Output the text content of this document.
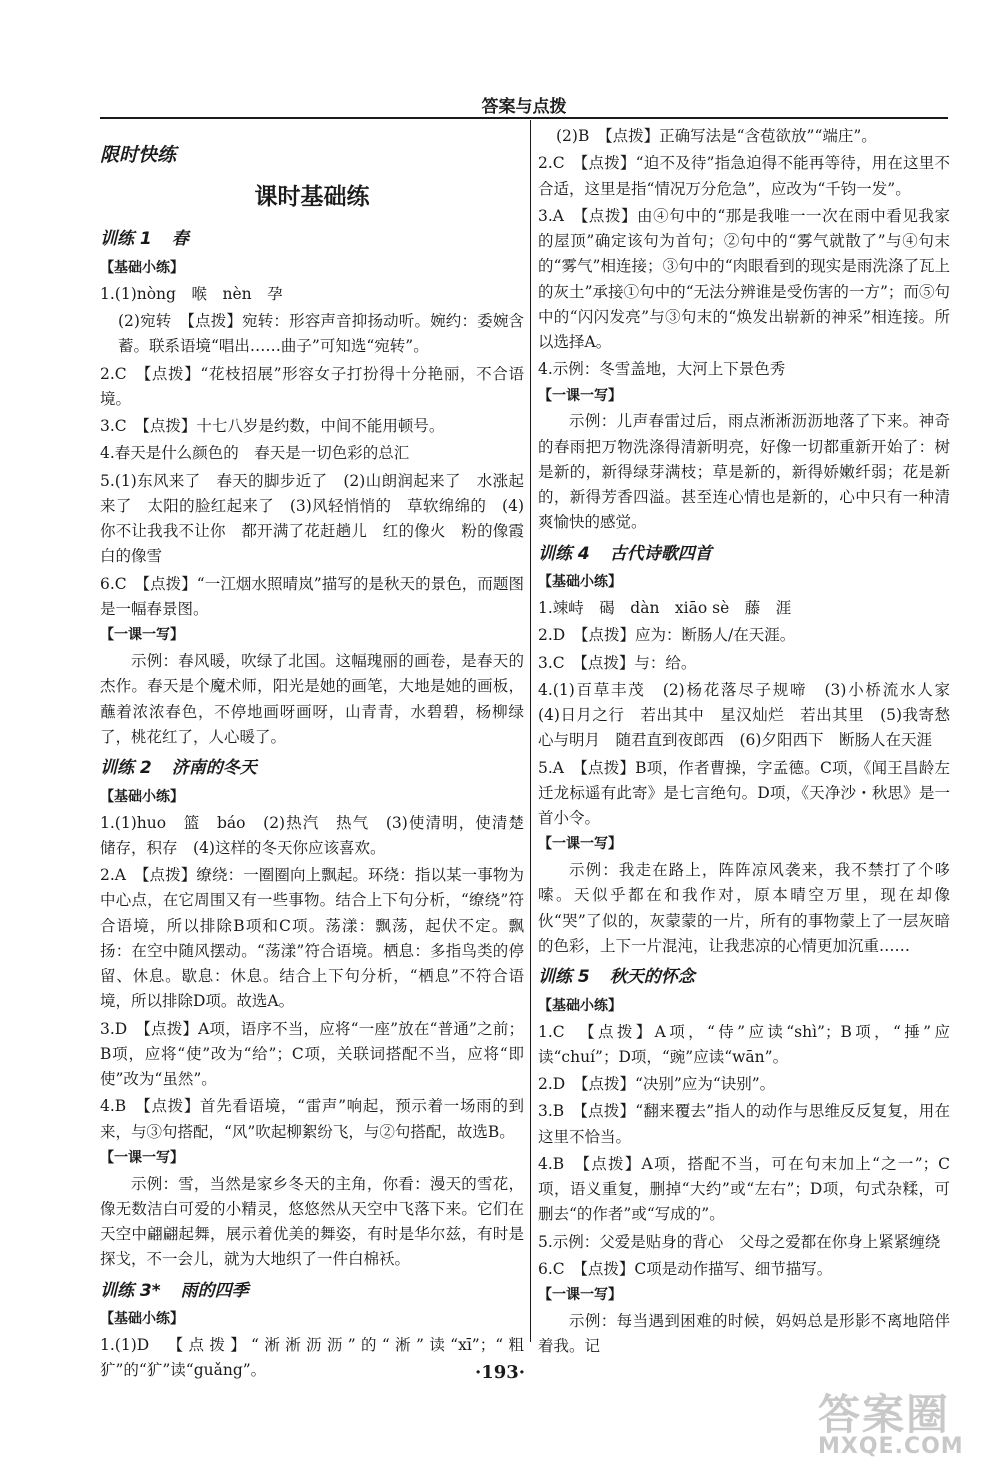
答案与点拨
限时快练
课时基础练
训练 1 春
【基础小练】
1.(1)nòng　喉　nèn　孕
(2)宛转　【点拨】宛转：形容声音抑扬动听。婉约：委婉含蓄。联系语境“唱出……曲子”可知选“宛转”。
2.C　【点拨】“花枝招展”形容女子打扮得十分艳丽，不合语境。
3.C　【点拨】十七八岁是约数，中间不能用顿号。
4.春天是什么颜色的　春天是一切色彩的总汇
5.(1)东风来了　春天的脚步近了　(2)山朗润起来了　水涨起来了　太阳的脸红起来了　(3)风轻悄悄的　草软绵绵的　(4)你不让我我不让你　都开满了花赶趟儿　红的像火　粉的像霞　白的像雪
6.C　【点拨】“一江烟水照晴岚”描写的是秋天的景色，而题图是一幅春景图。
【一课一写】
示例：春风暖，吹绿了北国。这幅瑰丽的画卷，是春天的杰作。春天是个魔术师，阳光是她的画笔，大地是她的画板，蘸着浓浓春色，不停地画呀画呀，山青青，水碧碧，杨柳绿了，桃花红了，人心暖了。
训练 2 济南的冬天
【基础小练】
1.(1)huo　篮　báo　(2)热汽　热气　(3)使清明，使清楚　储存，积存　(4)这样的冬天你应该喜欢。
2.A　【点拨】缭绕：一圈圈向上飘起。环绕：指以某一事物为中心点，在它周围又有一些事物。结合上下句分析，“缭绕”符合语境，所以排除B项和C项。荡漾：飘荡，起伏不定。飘扬：在空中随风摆动。“荡漾”符合语境。栖息：多指鸟类的停留、休息。歇息：休息。结合上下句分析，“栖息”不符合语境，所以排除D项。故选A。
3.D　【点拨】A项，语序不当，应将“一座”放在“普通”之前；B项，应将“使”改为“给”；C项，关联词搭配不当，应将“即使”改为“虽然”。
4.B　【点拨】首先看语境，“雷声”响起，预示着一场雨的到来，与③句搭配，“风”吹起柳絮纷飞，与②句搭配，故选B。
【一课一写】
示例：雪，当然是家乡冬天的主角，你看：漫天的雪花，像无数洁白可爱的小精灵，悠悠然从天空中飞落下来。它们在天空中翩翩起舞，展示着优美的舞姿，有时是华尔兹，有时是探戈，不一会儿，就为大地织了一件白棉袄。
训练 3* 雨的四季
【基础小练】
1.(1)D　【点拨】“淅淅沥沥”的“淅”读“xī”；“粗犷”的“犷”读“guǎng”。
(2)B　【点拨】正确写法是“含苞欲放”“端庄”。
2.C　【点拨】“迫不及待”指急迫得不能再等待，用在这里不合适，这里是指“情况万分危急”，应改为“千钧一发”。
3.A　【点拨】由④句中的“那是我唯一一次在雨中看见我家的屋顶”确定该句为首句；②句中的“雾气就散了”与④句末的“雾气”相连接；③句中的“肉眼看到的现实是雨洗涤了瓦上的灰土”承接①句中的“无法分辨谁是受伤害的一方”；而⑤句中的“闪闪发亮”与③句末的“焕发出崭新的神采”相连接。所以选择A。
4.示例：冬雪盖地，大河上下景色秀
【一课一写】
示例：儿声春雷过后，雨点淅淅沥沥地落了下来。神奇的春雨把万物洗涤得清新明亮，好像一切都重新开始了：树是新的，新得绿芽满枝；草是新的，新得娇嫩纤弱；花是新的，新得芳香四溢。甚至连心情也是新的，心中只有一种清爽愉快的感觉。
训练 4 古代诗歌四首
【基础小练】
1.竦峙　碣　dàn　xiāo sè　藤　涯
2.D　【点拨】应为：断肠人/在天涯。
3.C　【点拨】与：给。
4.(1)百草丰茂　(2)杨花落尽子规啼　(3)小桥流水人家　(4)日月之行　若出其中　星汉灿烂　若出其里　(5)我寄愁心与明月　随君直到夜郎西　(6)夕阳西下　断肠人在天涯
5.A　【点拨】B项，作者曹操，字孟德。C项，《闻王昌龄左迁龙标遥有此寄》是七言绝句。D项，《天净沙・秋思》是一首小令。
【一课一写】
示例：我走在路上，阵阵凉风袭来，我不禁打了个哆嗦。天似乎都在和我作对，原本晴空万里，现在却像伙“哭”了似的，灰蒙蒙的一片，所有的事物蒙上了一层灰暗的色彩，上下一片混沌，让我悲凉的心情更加沉重……
训练 5 秋天的怀念
【基础小练】
1.C　【点拨】A项，“侍”应读“shì”；B项，“捶”应读“chuí”；D项，“豌”应读“wān”。
2.D　【点拨】“决别”应为“诀别”。
3.B　【点拨】“翻来覆去”指人的动作与思维反反复复，用在这里不恰当。
4.B　【点拨】A项，搭配不当，可在句末加上“之一”；C项，语义重复，删掉“大约”或“左右”；D项，句式杂糅，可删去“的作者”或“写成的”。
5.示例：父爱是贴身的背心　父母之爱都在你身上紧紧缠绕
6.C　【点拨】C项是动作描写、细节描写。
【一课一写】
示例：每当遇到困难的时候，妈妈总是形影不离地陪伴着我。记
·193·
答案圈
MXQE.COM
